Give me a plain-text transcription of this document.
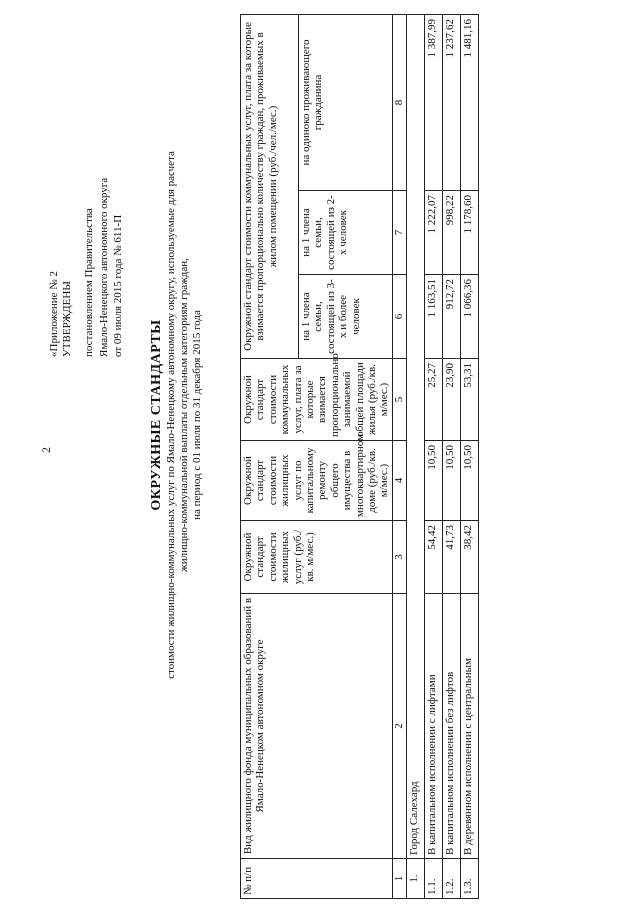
2
«Приложение № 2 УТВЕРЖДЕНЫ постановлением Правительства Ямало-Ненецкого автономного округа от 09 июля 2015 года № 611-П
ОКРУЖНЫЕ СТАНДАРТЫ стоимости жилищно-коммунальных услуг по Ямало-Ненецкому автономному округу, используемые для расчета жилищно-коммунальной выплаты отдельным категориям граждан, на период с 01 июля по 31 декабря 2015 года
№ п/п	Вид жилищного фонда муниципальных образований в Ямало-Ненецком автономном округе	Окружной стандарт стоимости жилищных услуг (руб./кв. м/мес.)	Окружной стандарт стоимости жилищных услуг по капитальному ремонту общего имущества в многоквартирном доме (руб./кв. м/мес.)	Окружной стандарт стоимости коммунальных услуг, плата за которые взимается пропорционально занимаемой общей площади жилья (руб./кв. м/мес.)	Окружной стандарт стоимости коммунальных услуг, плата за которые взимается пропорционально количеству граждан, проживаемых в жилом помещении (руб./чел./мес.)		
					на 1 члена семьи, состоящей из 3-х и более человек	на 1 члена семьи, состоящей из 2-х человек	на одиноко проживающего гражданина
1	2	3	4	5	6	7	8
1.	Город Салехард						
1.1.	В капитальном исполнении с лифтами	54,42	10,50	25,27	1 163,51	1 222,07	1 387,99
1.2.	В капитальном исполнении без лифтов	41,73	10,50	23,90	912,72	998,22	1 237,62
1.3.	В деревянном исполнении с центральным	38,42	10,50	53,31	1 066,36	1 178,60	1 481,16
